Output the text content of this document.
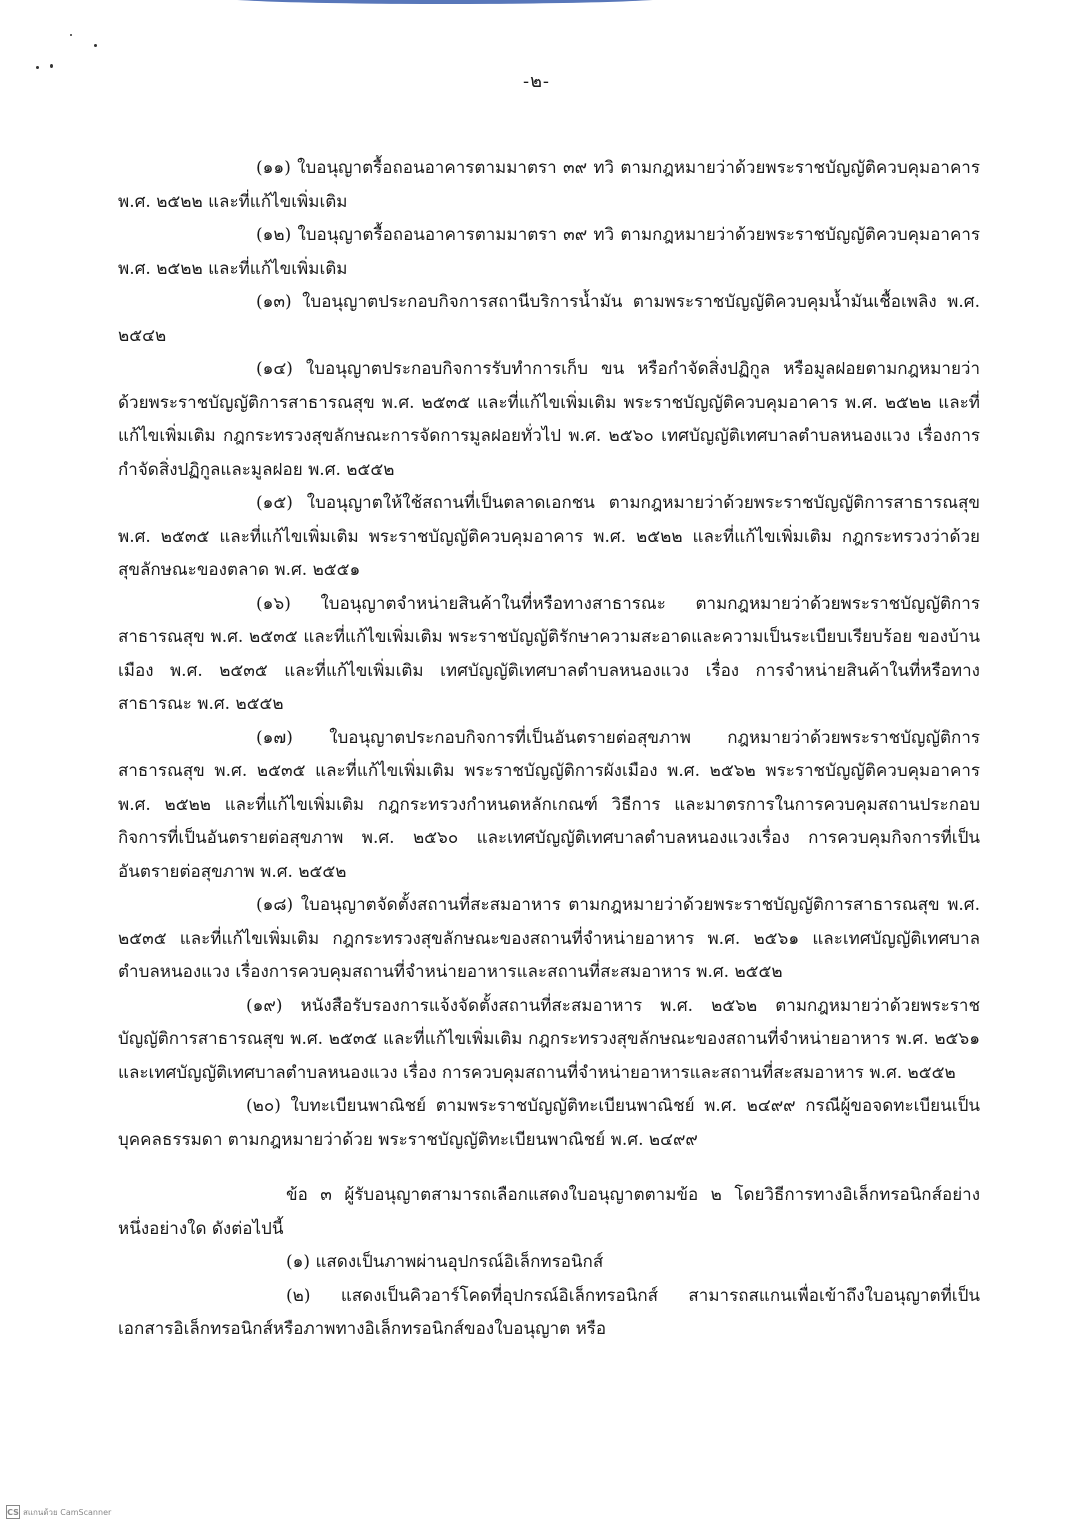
-๒-

(๑๑) ใบอนุญาตรื้อถอนอาคารตามมาตรา ๓๙ ทวิ ตามกฎหมายว่าด้วยพระราชบัญญัติควบคุมอาคาร พ.ศ. ๒๕๒๒ และที่แก้ไขเพิ่มเติม

(๑๒) ใบอนุญาตรื้อถอนอาคารตามมาตรา ๓๙ ทวิ ตามกฎหมายว่าด้วยพระราชบัญญัติควบคุมอาคาร พ.ศ. ๒๕๒๒ และที่แก้ไขเพิ่มเติม

(๑๓) ใบอนุญาตประกอบกิจการสถานีบริการน้ำมัน ตามพระราชบัญญัติควบคุมน้ำมันเชื้อเพลิง พ.ศ. ๒๕๔๒

(๑๔) ใบอนุญาตประกอบกิจการรับทำการเก็บ ขน หรือกำจัดสิ่งปฏิกูล หรือมูลฝอยตามกฎหมายว่าด้วยพระราชบัญญัติการสาธารณสุข พ.ศ. ๒๕๓๕ และที่แก้ไขเพิ่มเติม พระราชบัญญัติควบคุมอาคาร พ.ศ. ๒๕๒๒ และที่แก้ไขเพิ่มเติม กฎกระทรวงสุขลักษณะการจัดการมูลฝอยทั่วไป พ.ศ. ๒๕๖๐ เทศบัญญัติเทศบาลตำบลหนองแวง เรื่องการกำจัดสิ่งปฏิกูลและมูลฝอย พ.ศ. ๒๕๕๒

(๑๕) ใบอนุญาตให้ใช้สถานที่เป็นตลาดเอกชน ตามกฎหมายว่าด้วยพระราชบัญญัติการสาธารณสุข พ.ศ. ๒๕๓๕ และที่แก้ไขเพิ่มเติม พระราชบัญญัติควบคุมอาคาร พ.ศ. ๒๕๒๒ และที่แก้ไขเพิ่มเติม กฎกระทรวงว่าด้วยสุขลักษณะของตลาด พ.ศ. ๒๕๕๑

(๑๖) ใบอนุญาตจำหน่ายสินค้าในที่หรือทางสาธารณะ ตามกฎหมายว่าด้วยพระราชบัญญัติการสาธารณสุข พ.ศ. ๒๕๓๕ และที่แก้ไขเพิ่มเติม พระราชบัญญัติรักษาความสะอาดและความเป็นระเบียบเรียบร้อย ของบ้านเมือง พ.ศ. ๒๕๓๕ และที่แก้ไขเพิ่มเติม เทศบัญญัติเทศบาลตำบลหนองแวง เรื่อง การจำหน่ายสินค้าในที่หรือทางสาธารณะ พ.ศ. ๒๕๕๒

(๑๗) ใบอนุญาตประกอบกิจการที่เป็นอันตรายต่อสุขภาพ กฎหมายว่าด้วยพระราชบัญญัติการสาธารณสุข พ.ศ. ๒๕๓๕ และที่แก้ไขเพิ่มเติม พระราชบัญญัติการผังเมือง พ.ศ. ๒๕๖๒ พระราชบัญญัติควบคุมอาคาร พ.ศ. ๒๕๒๒ และที่แก้ไขเพิ่มเติม กฎกระทรวงกำหนดหลักเกณฑ์ วิธีการ และมาตรการในการควบคุมสถานประกอบกิจการที่เป็นอันตรายต่อสุขภาพ พ.ศ. ๒๕๖๐ และเทศบัญญัติเทศบาลตำบลหนองแวงเรื่อง การควบคุมกิจการที่เป็นอันตรายต่อสุขภาพ พ.ศ. ๒๕๕๒

(๑๘) ใบอนุญาตจัดตั้งสถานที่สะสมอาหาร ตามกฎหมายว่าด้วยพระราชบัญญัติการสาธารณสุข พ.ศ. ๒๕๓๕ และที่แก้ไขเพิ่มเติม กฎกระทรวงสุขลักษณะของสถานที่จำหน่ายอาหาร พ.ศ. ๒๕๖๑ และเทศบัญญัติเทศบาลตำบลหนองแวง เรื่องการควบคุมสถานที่จำหน่ายอาหารและสถานที่สะสมอาหาร พ.ศ. ๒๕๕๒

(๑๙) หนังสือรับรองการแจ้งจัดตั้งสถานที่สะสมอาหาร พ.ศ. ๒๕๖๒ ตามกฎหมายว่าด้วยพระราชบัญญัติการสาธารณสุข พ.ศ. ๒๕๓๕ และที่แก้ไขเพิ่มเติม กฎกระทรวงสุขลักษณะของสถานที่จำหน่ายอาหาร พ.ศ. ๒๕๖๑ และเทศบัญญัติเทศบาลตำบลหนองแวง เรื่อง การควบคุมสถานที่จำหน่ายอาหารและสถานที่สะสมอาหาร พ.ศ. ๒๕๕๒

(๒๐) ใบทะเบียนพาณิชย์ ตามพระราชบัญญัติทะเบียนพาณิชย์ พ.ศ. ๒๔๙๙ กรณีผู้ขอจดทะเบียนเป็นบุคคลธรรมดา ตามกฎหมายว่าด้วย พระราชบัญญัติทะเบียนพาณิชย์ พ.ศ. ๒๔๙๙

ข้อ ๓ ผู้รับอนุญาตสามารถเลือกแสดงใบอนุญาตตามข้อ ๒ โดยวิธีการทางอิเล็กทรอนิกส์อย่างหนึ่งอย่างใด ดังต่อไปนี้

(๑) แสดงเป็นภาพผ่านอุปกรณ์อิเล็กทรอนิกส์

(๒) แสดงเป็นคิวอาร์โคดที่อุปกรณ์อิเล็กทรอนิกส์ สามารถสแกนเพื่อเข้าถึงใบอนุญาตที่เป็นเอกสารอิเล็กทรอนิกส์หรือภาพทางอิเล็กทรอนิกส์ของใบอนุญาต หรือ

CS สแกนด้วย CamScanner
